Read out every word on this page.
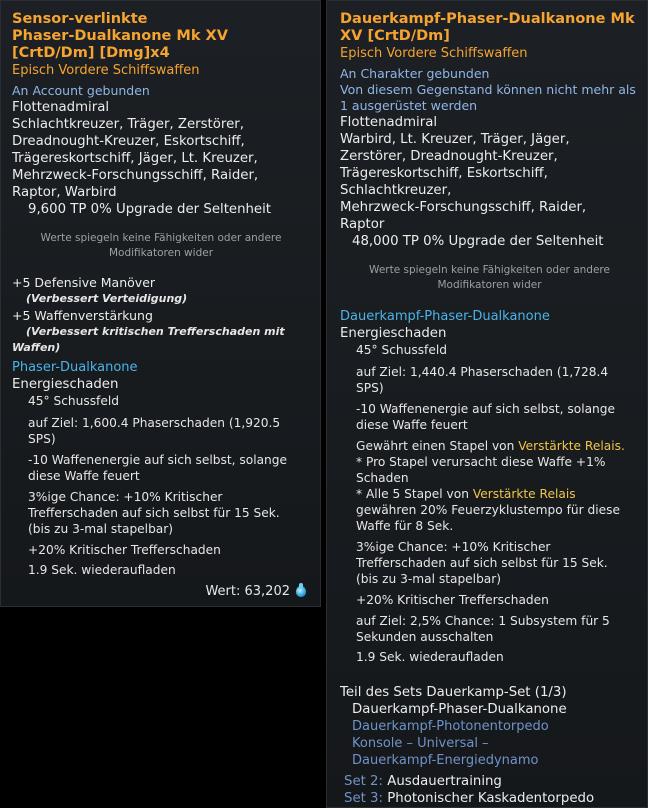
Sensor-verlinkte
Phaser-Dualkanone Mk XV
[CrtD/Dm] [Dmg]x4
Episch Vordere Schiffswaffen
An Account gebunden
Flottenadmiral
Schlachtkreuzer, Träger, Zerstörer,
Dreadnought-Kreuzer, Eskortschiff,
Trägereskortschiff, Jäger, Lt. Kreuzer,
Mehrzweck-Forschungsschiff, Raider,
Raptor, Warbird
9,600 TP 0% Upgrade der Seltenheit
Werte spiegeln keine Fähigkeiten oder andere
Modifikatoren wider
+5 Defensive Manöver
(Verbessert Verteidigung)
+5 Waffenverstärkung
(Verbessert kritischen Trefferschaden mit
Waffen)
Phaser-Dualkanone
Energieschaden
45° Schussfeld
auf Ziel: 1,600.4 Phaserschaden (1,920.5
SPS)
-10 Waffenenergie auf sich selbst, solange
diese Waffe feuert
3%ige Chance: +10% Kritischer
Trefferschaden auf sich selbst für 15 Sek.
(bis zu 3-mal stapelbar)
+20% Kritischer Trefferschaden
1.9 Sek. wiederaufladen
Wert: 63,202
Dauerkampf-Phaser-Dualkanone Mk
XV [CrtD/Dm]
Episch Vordere Schiffswaffen
An Charakter gebunden
Von diesem Gegenstand können nicht mehr als
1 ausgerüstet werden
Flottenadmiral
Warbird, Lt. Kreuzer, Träger, Jäger,
Zerstörer, Dreadnought-Kreuzer,
Trägereskortschiff, Eskortschiff,
Schlachtkreuzer,
Mehrzweck-Forschungsschiff, Raider,
Raptor
48,000 TP 0% Upgrade der Seltenheit
Werte spiegeln keine Fähigkeiten oder andere
Modifikatoren wider
Dauerkampf-Phaser-Dualkanone
Energieschaden
45° Schussfeld
auf Ziel: 1,440.4 Phaserschaden (1,728.4
SPS)
-10 Waffenenergie auf sich selbst, solange
diese Waffe feuert
Gewährt einen Stapel von Verstärkte Relais.
* Pro Stapel verursacht diese Waffe +1%
Schaden
* Alle 5 Stapel von Verstärkte Relais
gewähren 20% Feuerzyklustempo für diese
Waffe für 8 Sek.
3%ige Chance: +10% Kritischer
Trefferschaden auf sich selbst für 15 Sek.
(bis zu 3-mal stapelbar)
+20% Kritischer Trefferschaden
auf Ziel: 2,5% Chance: 1 Subsystem für 5
Sekunden ausschalten
1.9 Sek. wiederaufladen
Teil des Sets Dauerkamp-Set (1/3)
Dauerkampf-Phaser-Dualkanone
Dauerkampf-Photonentorpedo
Konsole – Universal –
Dauerkampf-Energiedynamo
Set 2: Ausdauertraining
Set 3: Photonischer Kaskadentorpedo
